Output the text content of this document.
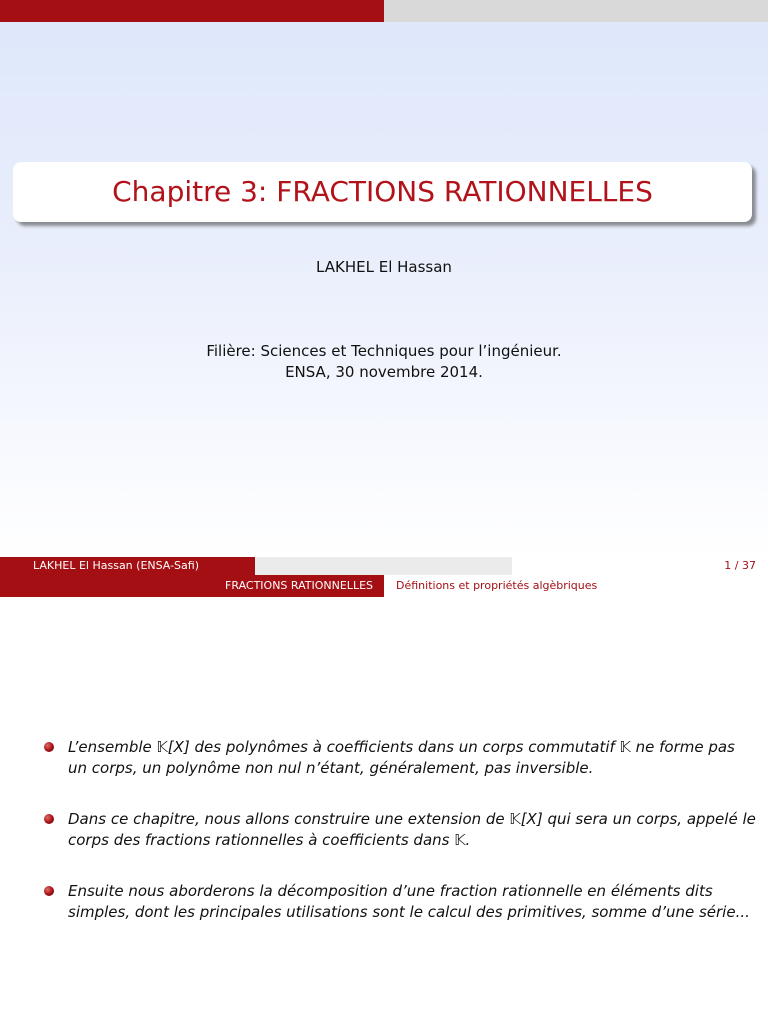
Chapitre 3: FRACTIONS RATIONNELLES
LAKHEL El Hassan
Filière: Sciences et Techniques pour l’ingénieur.
ENSA, 30 novembre 2014.
LAKHEL El Hassan (ENSA-Safi)	1 / 37
FRACTIONS RATIONNELLES	Définitions et propriétés algèbriques
L’ensemble 𝕂[X] des polynômes à coefficients dans un corps commutatif 𝕂 ne forme pas un corps, un polynôme non nul n’étant, généralement, pas inversible.
Dans ce chapitre, nous allons construire une extension de 𝕂[X] qui sera un corps, appelé le corps des fractions rationnelles à coefficients dans 𝕂.
Ensuite nous aborderons la décomposition d’une fraction rationnelle en éléments dits simples, dont les principales utilisations sont le calcul des primitives, somme d’une série...
